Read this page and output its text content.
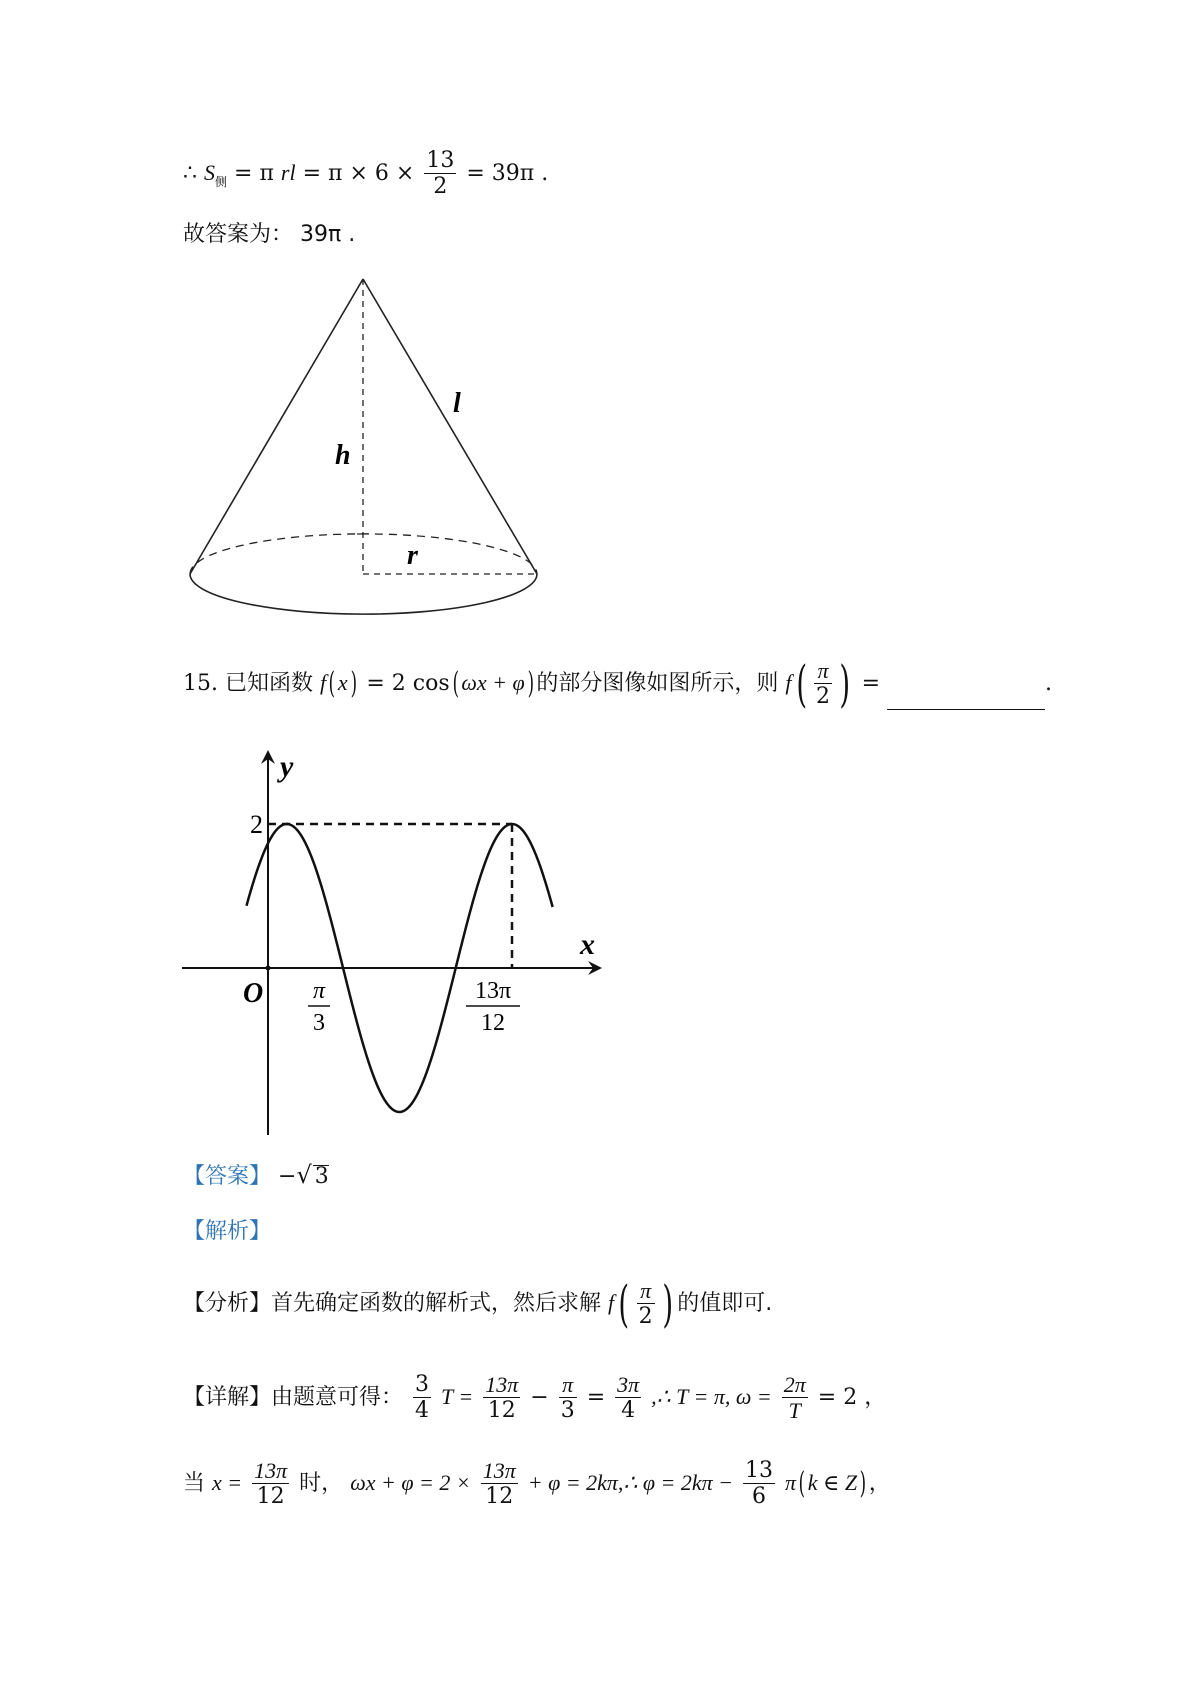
∴ $S_侧 = \pi$ rl = $\pi \times 6 \times \frac{13}{2} = 39\pi$ .
故答案为： 39π .
h
l
r
15. 已知函数 f( x) = 2 cos( ωx + φ) 的部分图像如图所示，则 $f( \frac{\pi}{2}$ ) =	.
y
x
2
O π
3
13π
12
【答案】 −√ 3
【解析】
【分析】首先确定函数的解析式，然后求解 $f( \frac{\pi}{2}$ ) 的值即可.
【详解】由题意可得： $\frac{3}{4}$ $T = \frac{13\pi}{12} - \frac{\pi}{3} = \frac{3\pi}{4}$ ,∴ T = π, $\omega = \frac{2\pi}{T} = 2$ ，
当 $x = \frac{13\pi}{12}$ 时， $\omega x + \varphi = 2 \times \frac{13\pi}{12} + \varphi$ = 2kπ,∴ $\varphi = 2k\pi - \frac{13}{6} \pi$( k ∈ Z) ，
